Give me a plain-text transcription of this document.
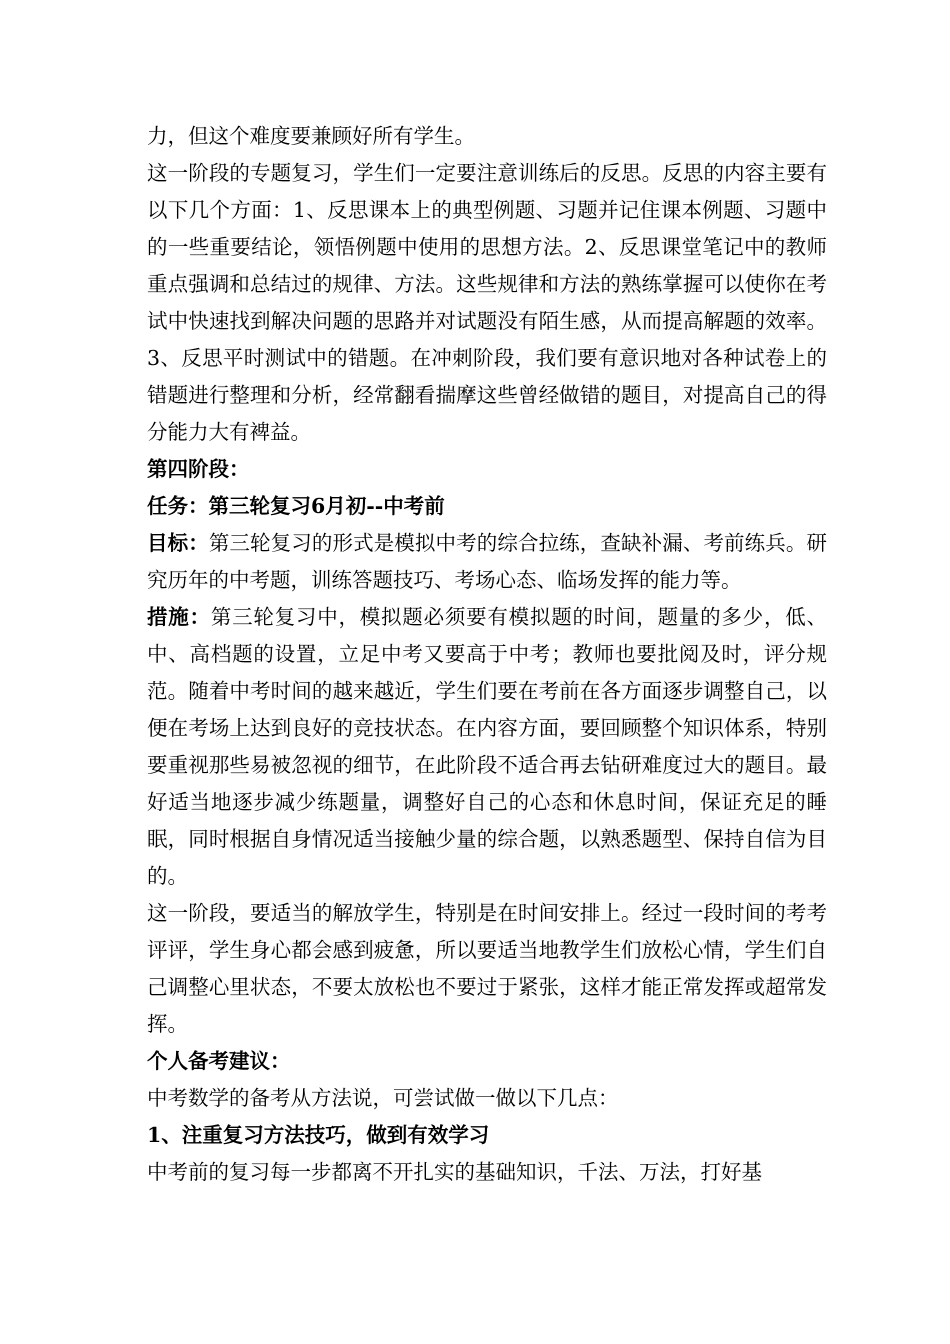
力，但这个难度要兼顾好所有学生。

这一阶段的专题复习，学生们一定要注意训练后的反思。反思的内容主要有以下几个方面：1、反思课本上的典型例题、习题并记住课本例题、习题中的一些重要结论，领悟例题中使用的思想方法。2、反思课堂笔记中的教师重点强调和总结过的规律、方法。这些规律和方法的熟练掌握可以使你在考试中快速找到解决问题的思路并对试题没有陌生感，从而提高解题的效率。3、反思平时测试中的错题。在冲刺阶段，我们要有意识地对各种试卷上的错题进行整理和分析，经常翻看揣摩这些曾经做错的题目，对提高自己的得分能力大有裨益。

第四阶段：

任务：第三轮复习6月初--中考前

目标：第三轮复习的形式是模拟中考的综合拉练，查缺补漏、考前练兵。研究历年的中考题，训练答题技巧、考场心态、临场发挥的能力等。

措施：第三轮复习中，模拟题必须要有模拟题的时间，题量的多少，低、中、高档题的设置，立足中考又要高于中考；教师也要批阅及时，评分规范。随着中考时间的越来越近，学生们要在考前在各方面逐步调整自己，以便在考场上达到良好的竞技状态。在内容方面，要回顾整个知识体系，特别要重视那些易被忽视的细节，在此阶段不适合再去钻研难度过大的题目。最好适当地逐步减少练题量，调整好自己的心态和休息时间，保证充足的睡眠，同时根据自身情况适当接触少量的综合题，以熟悉题型、保持自信为目的。

这一阶段，要适当的解放学生，特别是在时间安排上。经过一段时间的考考评评，学生身心都会感到疲惫，所以要适当地教学生们放松心情，学生们自己调整心里状态，不要太放松也不要过于紧张，这样才能正常发挥或超常发挥。

个人备考建议：

中考数学的备考从方法说，可尝试做一做以下几点：

1、注重复习方法技巧，做到有效学习

中考前的复习每一步都离不开扎实的基础知识，千法、万法，打好基
